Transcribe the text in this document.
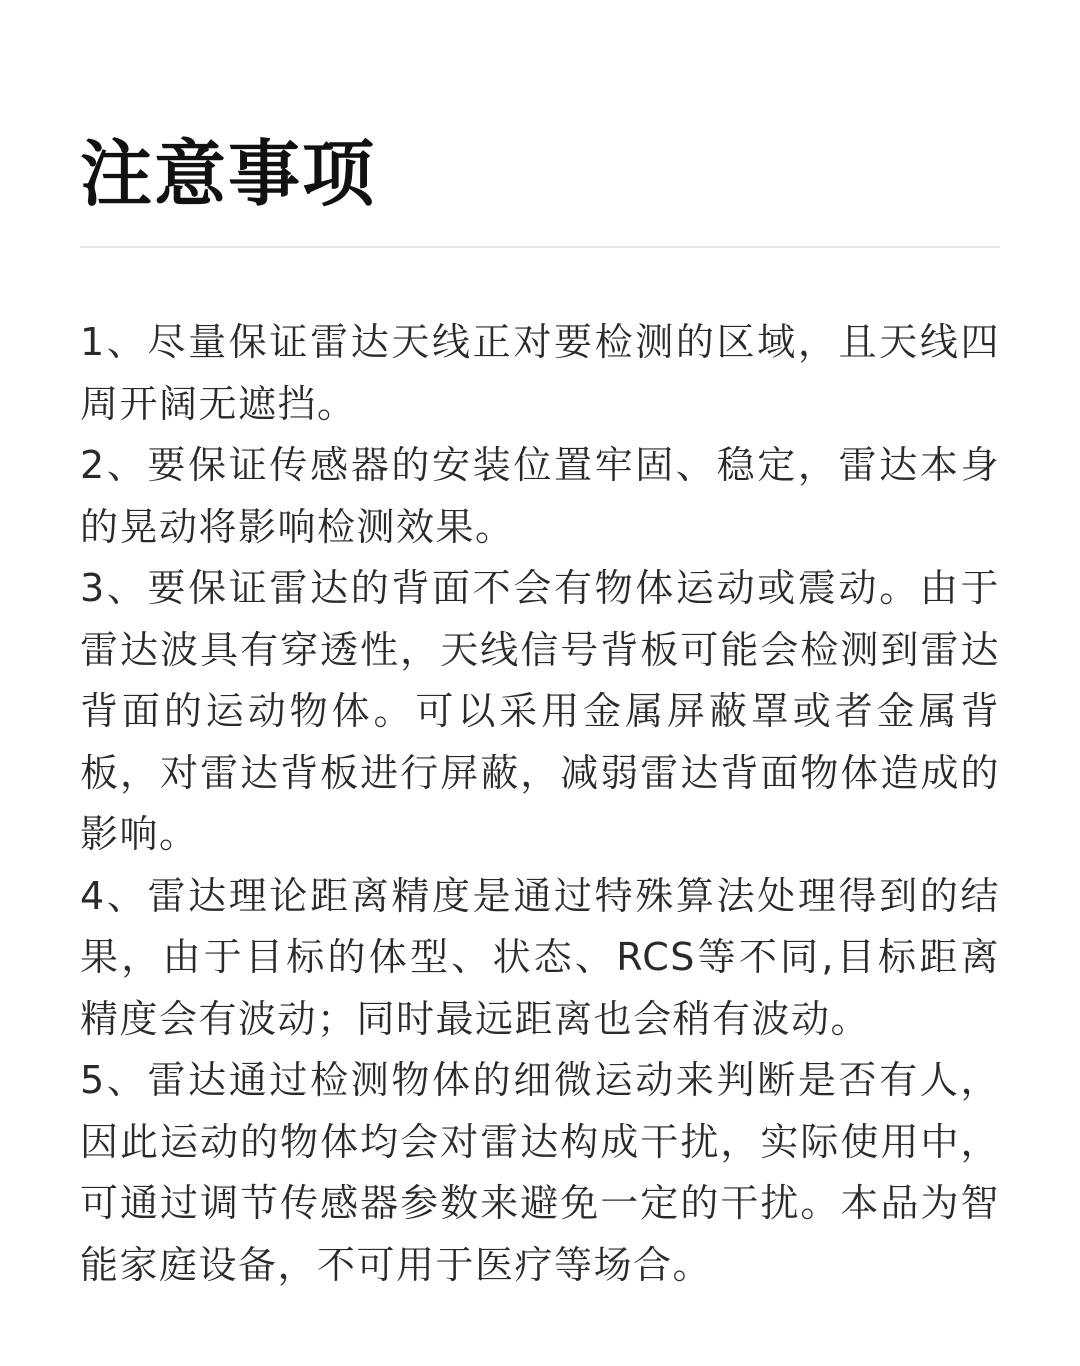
注意事项
1、尽量保证雷达天线正对要检测的区域，且天线四周开阔无遮挡。
2、要保证传感器的安装位置牢固、稳定，雷达本身的晃动将影响检测效果。
3、要保证雷达的背面不会有物体运动或震动。由于雷达波具有穿透性，天线信号背板可能会检测到雷达背面的运动物体。可以采用金属屏蔽罩或者金属背板，对雷达背板进行屏蔽，减弱雷达背面物体造成的影响。
4、雷达理论距离精度是通过特殊算法处理得到的结果，由于目标的体型、状态、RCS等不同,目标距离精度会有波动；同时最远距离也会稍有波动。
5、雷达通过检测物体的细微运动来判断是否有人，因此运动的物体均会对雷达构成干扰，实际使用中，可通过调节传感器参数来避免一定的干扰。本品为智能家庭设备，不可用于医疗等场合。
